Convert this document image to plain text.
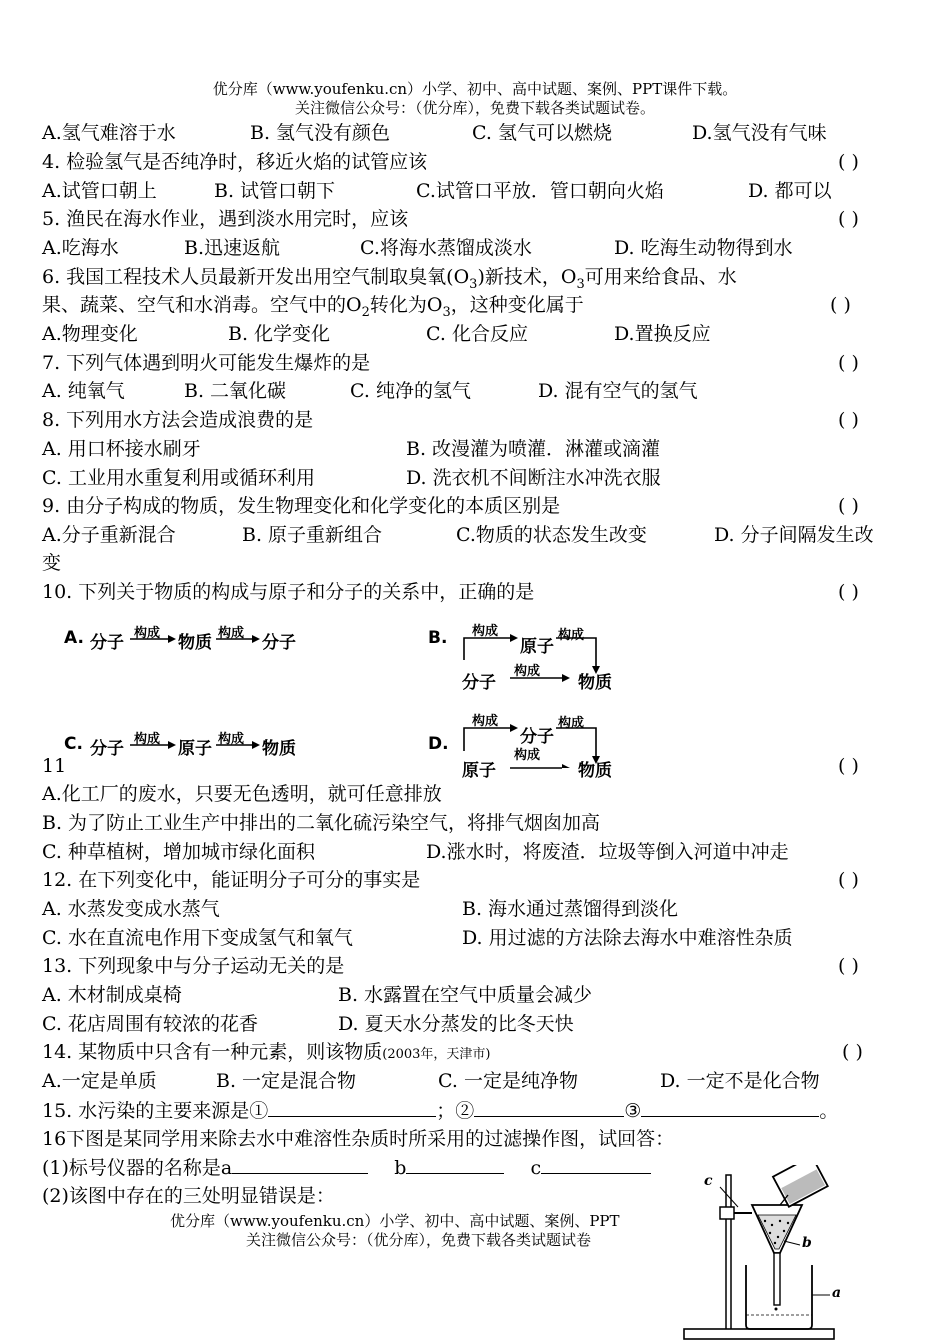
优分库（www.youfenku.cn）小学、初中、高中试题、案例、PPT课件下载。
关注微信公众号：（优分库），免费下载各类试题试卷。
A.氢气难溶于水	B. 氢气没有颜色	C. 氢气可以燃烧	D.氢气没有气味
4. 检验氢气是否纯净时，移近火焰的试管应该	( )
A.试管口朝上	B. 试管口朝下	C.试管口平放．管口朝向火焰	D. 都可以
5. 渔民在海水作业，遇到淡水用完时，应该	( )
A.吃海水	B.迅速返航	C.将海水蒸馏成淡水	D. 吃海生动物得到水
6. 我国工程技术人员最新开发出用空气制取臭氧$(O_3)$新技术，$O_3$可用来给食品、水
果、蔬菜、空气和水消毒。空气中的$O_2$转化为$O_3$，这种变化属于	( )
A.物理变化	B. 化学变化	C. 化合反应	D.置换反应
7. 下列气体遇到明火可能发生爆炸的是	( )
A. 纯氧气	B. 二氧化碳	C. 纯净的氢气	D. 混有空气的氢气
8. 下列用水方法会造成浪费的是	( )
A. 用口杯接水刷牙	B. 改漫灌为喷灌．淋灌或滴灌
C. 工业用水重复利用或循环利用	D. 洗衣机不间断注水冲洗衣服
9. 由分子构成的物质，发生物理变化和化学变化的本质区别是	( )
A.分子重新混合	B. 原子重新组合	C.物质的状态发生改变	D. 分子间隔发生改
变
10. 下列关于物质的构成与原子和分子的关系中，正确的是	( )
A. 分子 构成 物质 构成 分子	B. 构成
原子
构成
分子
构成
物质
C. 分子 构成 原子 构成 物质	D.
构成
分子
构成
原子
构成
物质
11	( )
A.化工厂的废水，只要无色透明，就可任意排放
B. 为了防止工业生产中排出的二氧化硫污染空气，将排气烟囱加高
C. 种草植树，增加城市绿化面积	D.涨水时，将废渣．垃圾等倒入河道中冲走
12. 在下列变化中，能证明分子可分的事实是	( )
A. 水蒸发变成水蒸气	B. 海水通过蒸馏得到淡化
C. 水在直流电作用下变成氢气和氧气	D. 用过滤的方法除去海水中难溶性杂质
13. 下列现象中与分子运动无关的是	( )
A. 木材制成桌椅	B. 水露置在空气中质量会减少
C. 花店周围有较浓的花香	D. 夏天水分蒸发的比冬天快
14. 某物质中只含有一种元素，则该物质(2003年，天津市)	( )
A.一定是单质	B. 一定是混合物	C. 一定是纯净物	D. 一定不是化合物
15. 水污染的主要来源是①	；②	③	。
16下图是某同学用来除去水中难溶性杂质时所采用的过滤操作图，试回答：
(1)标号仪器的名称是a	b	c
(2)该图中存在的三处明显错误是：
优分库（www.youfenku.cn）小学、初中、高中试题、案例、PPT
关注微信公众号：（优分库），免费下载各类试题试卷
c
b
a
